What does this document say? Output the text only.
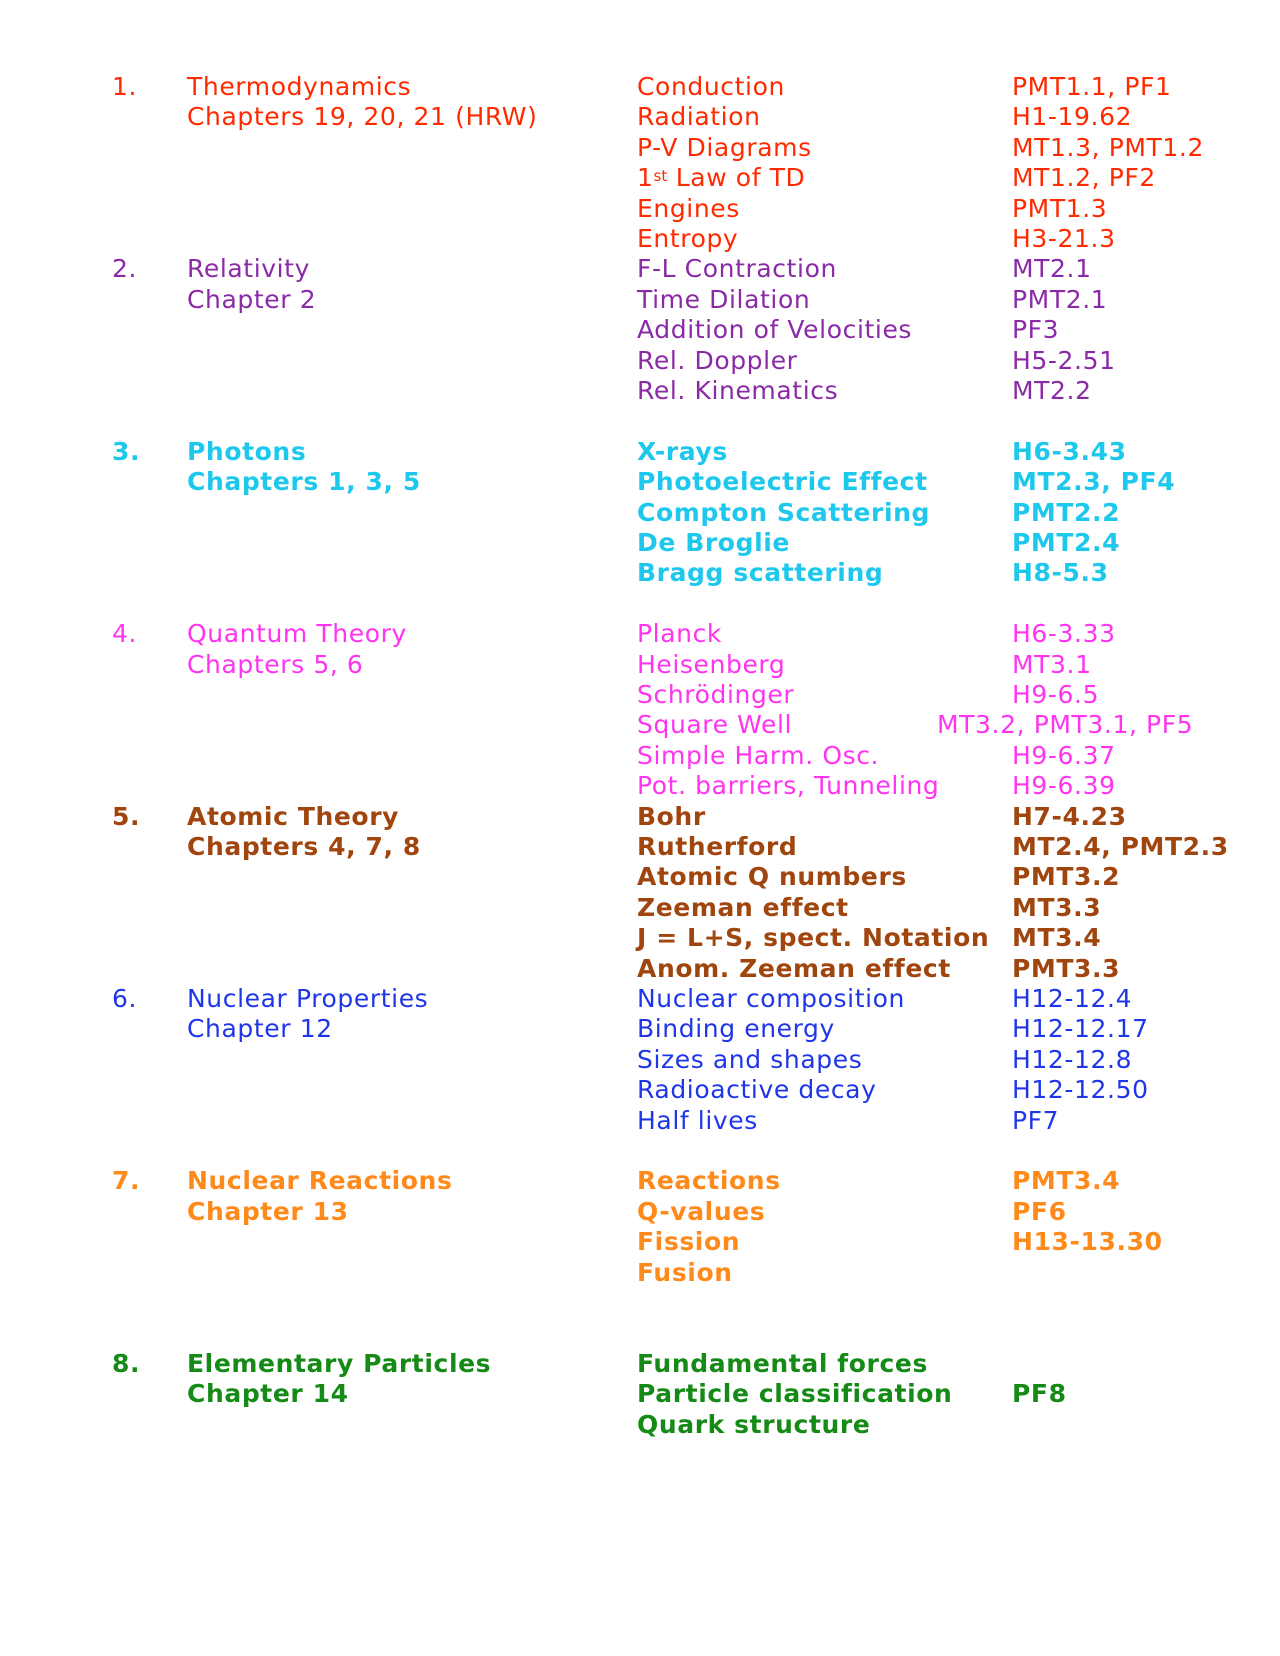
1. Thermodynamics
Chapters 19, 20, 21 (HRW)
Conduction	PMT1.1, PF1
Radiation	H1-19.62
P-V Diagrams	MT1.3, PMT1.2
1st Law of TD	MT1.2, PF2
Engines	PMT1.3
Entropy	H3-21.3
2. Relativity
Chapter 2
F-L Contraction	MT2.1
Time Dilation	PMT2.1
Addition of Velocities	PF3
Rel. Doppler	H5-2.51
Rel. Kinematics	MT2.2
3. Photons
Chapters 1, 3, 5
X-rays	H6-3.43
Photoelectric Effect	MT2.3, PF4
Compton Scattering	PMT2.2
De Broglie	PMT2.4
Bragg scattering	H8-5.3
4. Quantum Theory
Chapters 5, 6
Planck	H6-3.33
Heisenberg	MT3.1
Schrödinger	H9-6.5
Square Well	MT3.2, PMT3.1, PF5
Simple Harm. Osc.	H9-6.37
Pot. barriers, Tunneling	H9-6.39
5. Atomic Theory
Chapters 4, 7, 8
Bohr	H7-4.23
Rutherford	MT2.4, PMT2.3
Atomic Q numbers	PMT3.2
Zeeman effect	MT3.3
J = L+S, spect. Notation MT3.4
Anom. Zeeman effect PMT3.3
6. Nuclear Properties
Chapter 12
Nuclear composition	H12-12.4
Binding energy	H12-12.17
Sizes and shapes	H12-12.8
Radioactive decay	H12-12.50
Half lives	PF7
7. Nuclear Reactions
Chapter 13
Reactions	PMT3.4
Q-values	PF6
Fission	H13-13.30
Fusion
8. Elementary Particles
Chapter 14
Fundamental forces
Particle classification PF8
Quark structure
